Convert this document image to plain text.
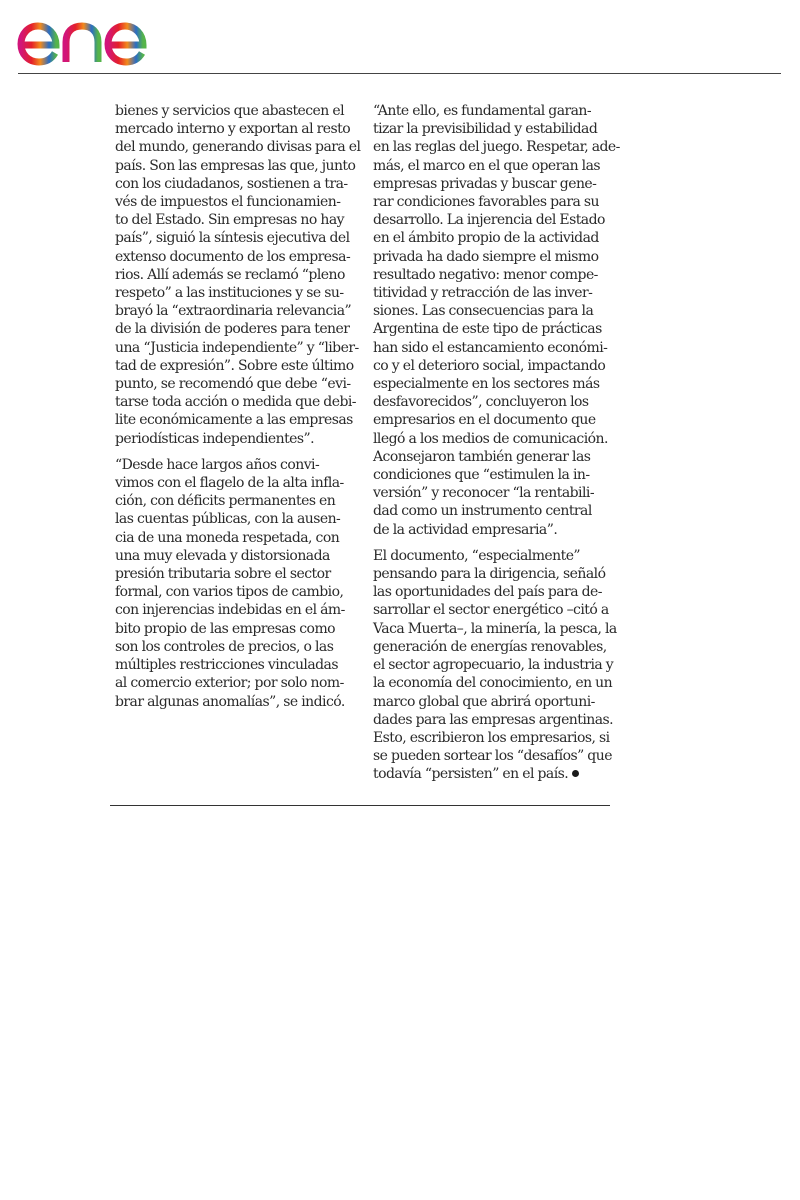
bienes y servicios que abastecen el
mercado interno y exportan al resto
del mundo, generando divisas para el
país. Son las empresas las que, junto
con los ciudadanos, sostienen a tra-
vés de impuestos el funcionamien-
to del Estado. Sin empresas no hay
país”, siguió la síntesis ejecutiva del
extenso documento de los empresa-
rios. Allí además se reclamó “pleno
respeto” a las instituciones y se su-
brayó la “extraordinaria relevancia”
de la división de poderes para tener
una “Justicia independiente” y “liber-
tad de expresión”. Sobre este último
punto, se recomendó que debe “evi-
tarse toda acción o medida que debi-
lite económicamente a las empresas
periodísticas independientes”.
“Desde hace largos años convi-
vimos con el flagelo de la alta infla-
ción, con déficits permanentes en
las cuentas públicas, con la ausen-
cia de una moneda respetada, con
una muy elevada y distorsionada
presión tributaria sobre el sector
formal, con varios tipos de cambio,
con injerencias indebidas en el ám-
bito propio de las empresas como
son los controles de precios, o las
múltiples restricciones vinculadas
al comercio exterior; por solo nom-
brar algunas anomalías”, se indicó.
“Ante ello, es fundamental garan-
tizar la previsibilidad y estabilidad
en las reglas del juego. Respetar, ade-
más, el marco en el que operan las
empresas privadas y buscar gene-
rar condiciones favorables para su
desarrollo. La injerencia del Estado
en el ámbito propio de la actividad
privada ha dado siempre el mismo
resultado negativo: menor compe-
titividad y retracción de las inver-
siones. Las consecuencias para la
Argentina de este tipo de prácticas
han sido el estancamiento económi-
co y el deterioro social, impactando
especialmente en los sectores más
desfavorecidos”, concluyeron los
empresarios en el documento que
llegó a los medios de comunicación.
Aconsejaron también generar las
condiciones que “estimulen la in-
versión” y reconocer “la rentabili-
dad como un instrumento central
de la actividad empresaria”.
El documento, “especialmente”
pensando para la dirigencia, señaló
las oportunidades del país para de-
sarrollar el sector energético –citó a
Vaca Muerta–, la minería, la pesca, la
generación de energías renovables,
el sector agropecuario, la industria y
la economía del conocimiento, en un
marco global que abrirá oportuni-
dades para las empresas argentinas.
Esto, escribieron los empresarios, si
se pueden sortear los “desafíos” que
todavía “persisten” en el país.
